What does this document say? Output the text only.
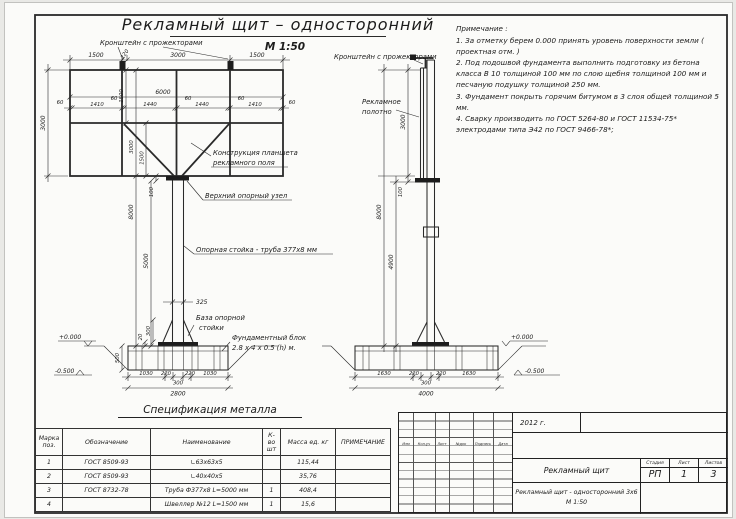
Рекламный щит – односторонний
М 1:50
1500	120	3000	1500
6000
60	1410
60
1440
60
1440
60
1410	60
3000
1500
3000
1500
100
8000
5000
325
300
20
500
1030 220
300
220 1030
2800
+0.000
-0.500
Кронштейн с прожекторами
Конструкция планшета
рекламного поля
Верхний опорный узел
Опорная стойка - труба 377х8 мм
База опорной
стойки
Фундаментный блок
2.8 х 4 х 0.5 (h) м.
8000
4900
3000
100
1630	220
300
220	1630
4000
+0.000
-0.500
Кронштейн с прожекторами
Рекламное
полотно
Примечание :
1. За отметку берем 0.000 принять уровень поверхности земли ( проектная отм. )
2. Под подошвой фундамента выполнить подготовку из бетона класса В 10 толщиной 100 мм по слою щебня толщиной 100 мм и песчаную подушку толщиной 250 мм.
3. Фундамент покрыть горячим битумом в 3 слоя общей толщиной 5 мм.
4. Сварку производить по ГОСТ 5264-80 и ГОСТ 11534-75* электродами типа Э42 по ГОСТ 9466-78*;
Спецификация металла
Марка поз.	Обозначение	Наименование	К-во шт	Масса ед. кг	ПРИМЕЧАНИЕ
1	ГОСТ 8509-93	∟63х63х5		115,44	
2	ГОСТ 8509-93	∟40х40х5		35,76	
3	ГОСТ 8732-78	Труба Ф377х8 L=5000 мм	1	408,4	
4		Швеллер №12 L=1500 мм	1	15,6	
Изм	Кол.уч	Лист	№док	Подпись	Дата
2012 г.
Рекламный щит
Стадия	Лист	Листов
РП	1	3
Рекламный щит - односторонний 3х6
М 1:50
